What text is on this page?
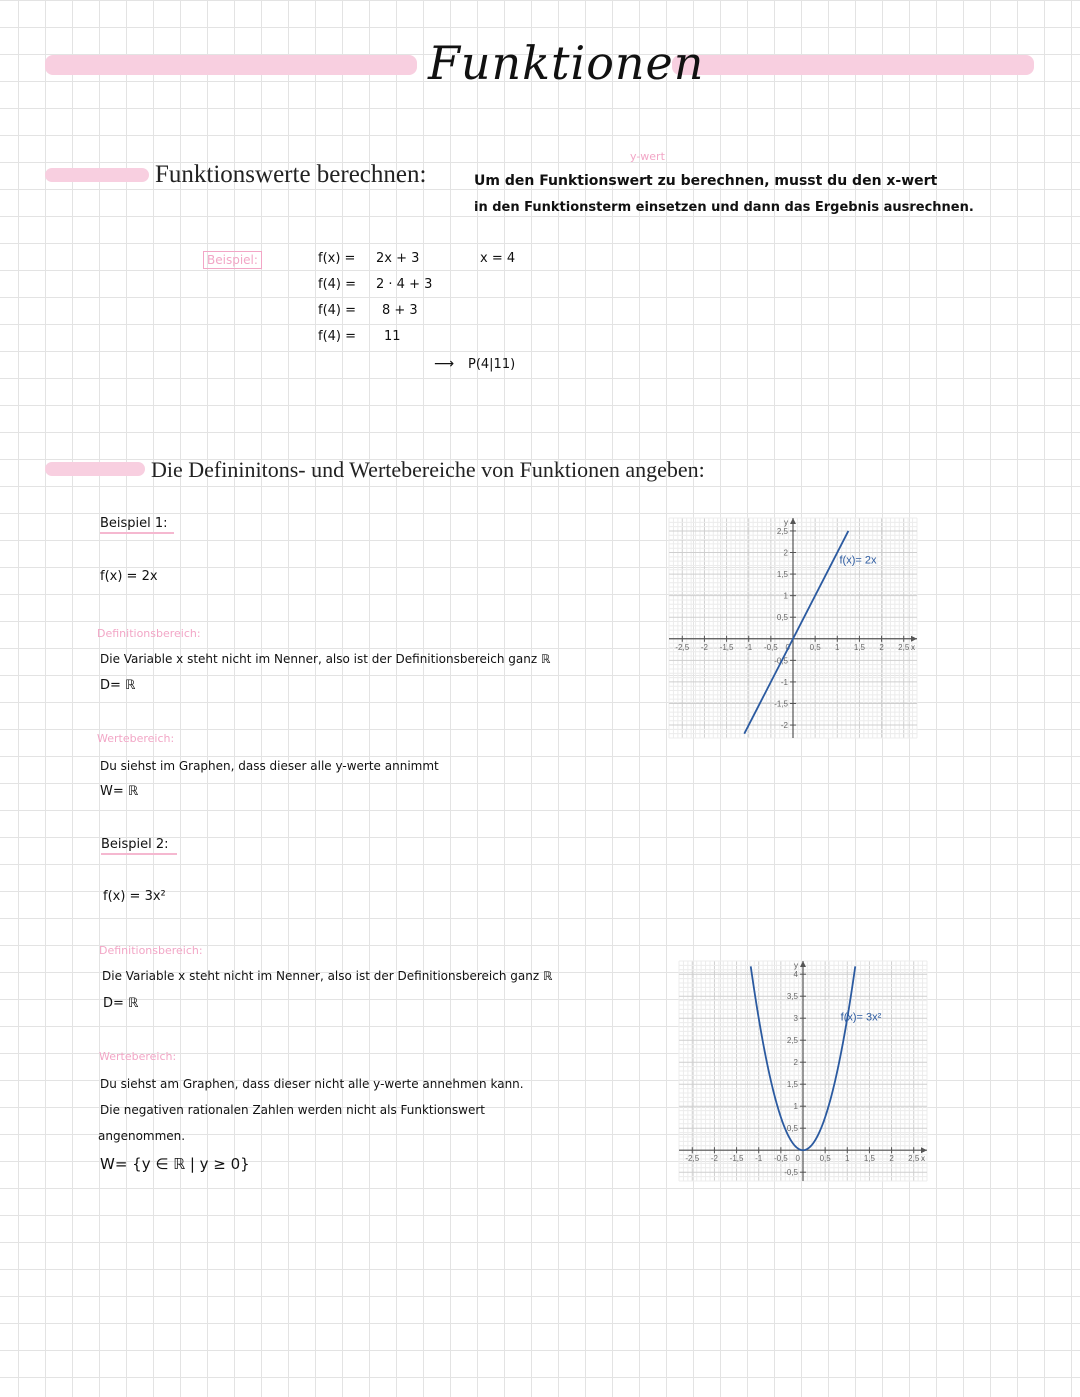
Funktionen
Funktionswerte berechnen:
y-wert
Um den Funktionswert zu berechnen, musst du den x-wert
in den Funktionsterm einsetzen und dann das Ergebnis ausrechnen.
Beispiel:	f(x) = 2x + 3
f(4) = 2 · 4 + 3
f(4) = 8 + 3
f(4) = 11
x = 4
⟶ P(4|11)
Die Defininitons- und Wertebereiche von Funktionen angeben:
Beispiel 1:
f(x) = 2x
Definitionsbereich:
Die Variable x steht nicht im Nenner, also ist der Definitionsbereich ganz ℝ
D= ℝ
Wertebereich:
Du siehst im Graphen, dass dieser alle y-werte annimmt
W= ℝ
Beispiel 2:
f(x) = 3x²
Definitionsbereich:
Die Variable x steht nicht im Nenner, also ist der Definitionsbereich ganz ℝ
D= ℝ
Wertebereich:
Du siehst am Graphen, dass dieser nicht alle y-werte annehmen kann.
Die negativen rationalen Zahlen werden nicht als Funktionswert
angenommen.
W= {y ∈ ℝ | y ≥ 0}
x
y
-2,5 -2 -1,5 -1 -0,5	0,5 1 1,5 2 2,5
-2
-1,5
-1
-0,5
0,5
1
1,5
2
2,5
0
f(x)= 2x
x
y
-2,5 -2 -1,5 -1 -0,5	0,5 1 1,5 2 2,5
-0,5
0,5
1
1,5
2
2,5
3
3,5
4
0
f(x)= 3x²
